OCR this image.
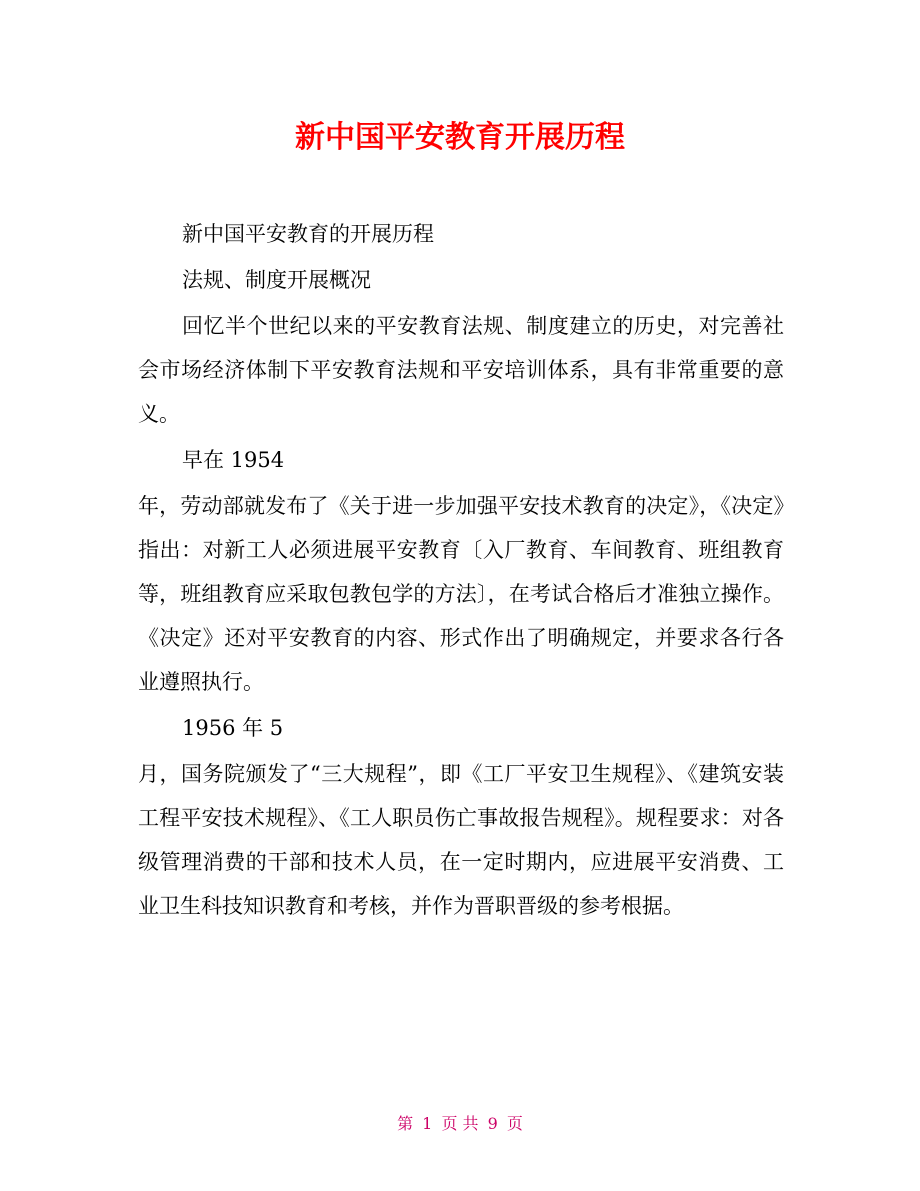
新中国平安教育开展历程

新中国平安教育的开展历程

法规、制度开展概况

回忆半个世纪以来的平安教育法规、制度建立的历史，对完善社会市场经济体制下平安教育法规和平安培训体系，具有非常重要的意义。

早在 1954

年，劳动部就发布了《关于进一步加强平安技术教育的决定》，《决定》指出：对新工人必须进展平安教育〔入厂教育、车间教育、班组教育等，班组教育应采取包教包学的方法〕，在考试合格后才准独立操作。《决定》还对平安教育的内容、形式作出了明确规定，并要求各行各业遵照执行。

1956 年 5

月，国务院颁发了“三大规程”，即《工厂平安卫生规程》、《建筑安装工程平安技术规程》、《工人职员伤亡事故报告规程》。规程要求：对各级管理消费的干部和技术人员，在一定时期内，应进展平安消费、工业卫生科技知识教育和考核，并作为晋职晋级的参考根据。

第 1 页 共 9 页
